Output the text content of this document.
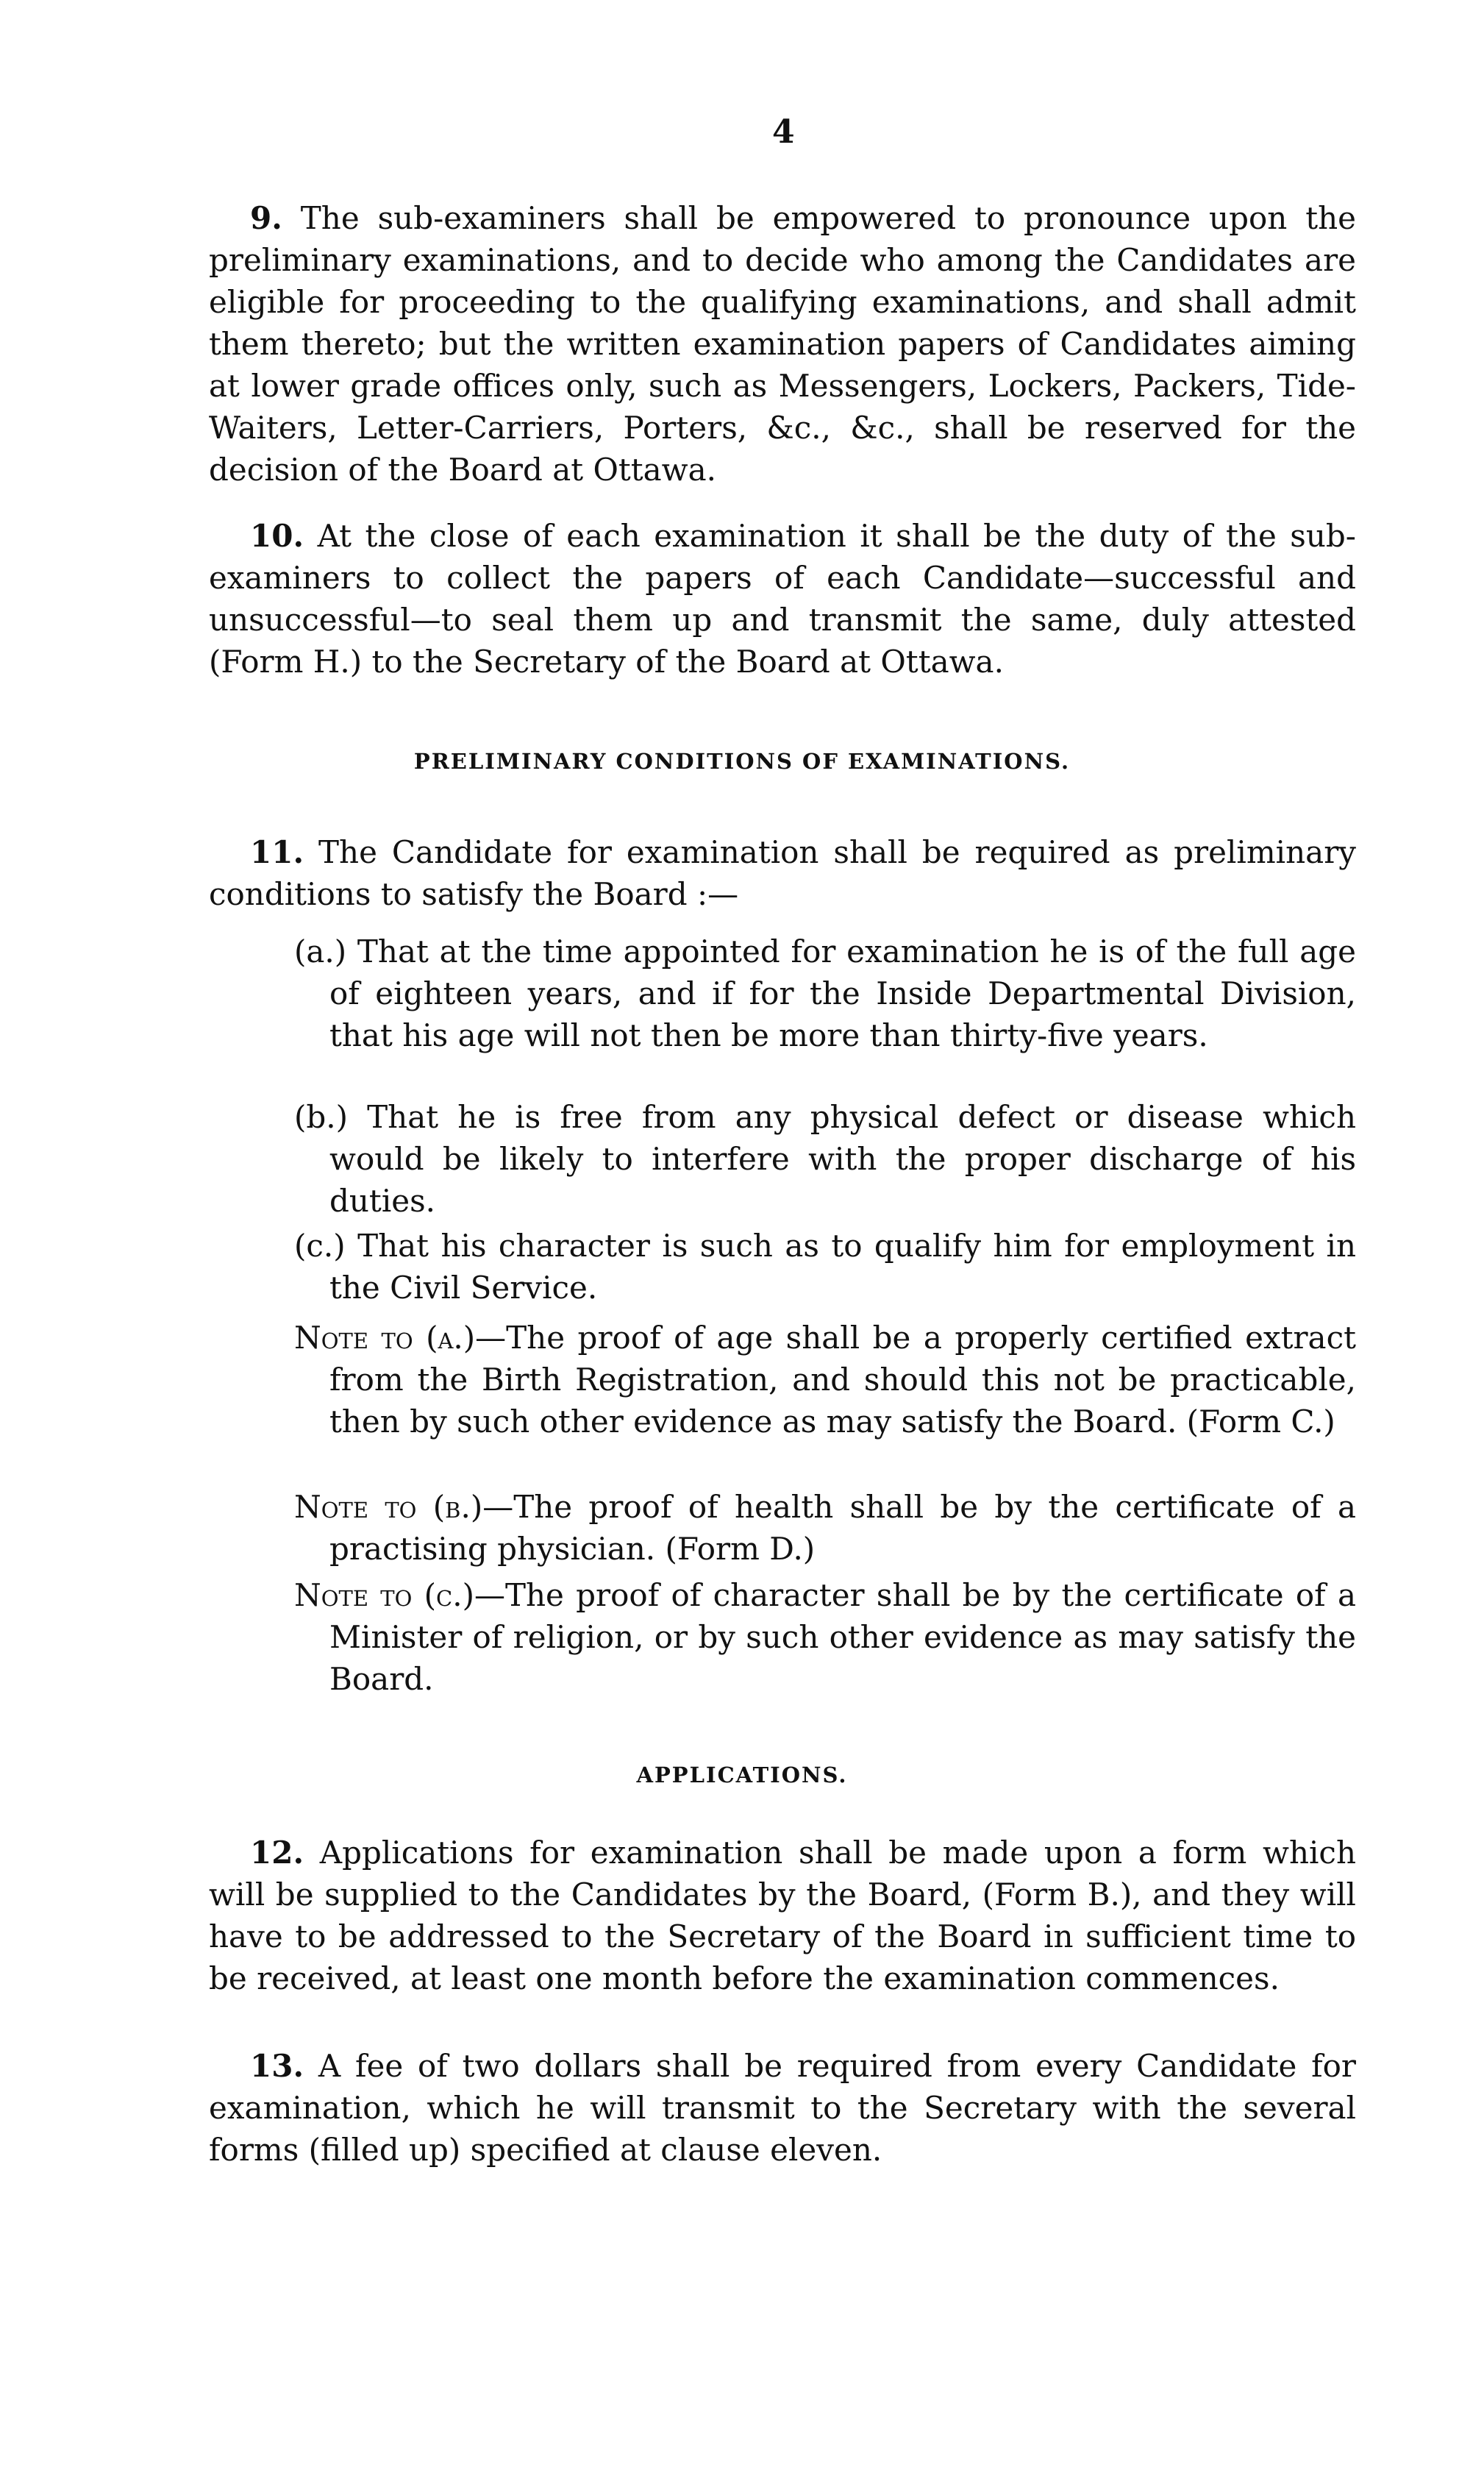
4
9. The sub-examiners shall be empowered to pronounce upon the preliminary examinations, and to decide who among the Candidates are eligible for proceeding to the qualifying examinations, and shall admit them thereto; but the written examination papers of Candidates aiming at lower grade offices only, such as Messengers, Lockers, Packers, Tide-Waiters, Letter-Carriers, Porters, &c., &c., shall be reserved for the decision of the Board at Ottawa.
10. At the close of each examination it shall be the duty of the sub-examiners to collect the papers of each Candidate—successful and unsuccessful—to seal them up and transmit the same, duly attested (Form H.) to the Secretary of the Board at Ottawa.
PRELIMINARY CONDITIONS OF EXAMINATIONS.
11. The Candidate for examination shall be required as preliminary conditions to satisfy the Board :—
(a.) That at the time appointed for examination he is of the full age of eighteen years, and if for the Inside Departmental Division, that his age will not then be more than thirty-five years.
(b.) That he is free from any physical defect or disease which would be likely to interfere with the proper discharge of his duties.
(c.) That his character is such as to qualify him for employment in the Civil Service.
Note to (a.)—The proof of age shall be a properly certified extract from the Birth Registration, and should this not be practicable, then by such other evidence as may satisfy the Board. (Form C.)
Note to (b.)—The proof of health shall be by the certificate of a practising physician. (Form D.)
Note to (c.)—The proof of character shall be by the certificate of a Minister of religion, or by such other evidence as may satisfy the Board.
APPLICATIONS.
12. Applications for examination shall be made upon a form which will be supplied to the Candidates by the Board, (Form B.), and they will have to be addressed to the Secretary of the Board in sufficient time to be received, at least one month before the examination commences.
13. A fee of two dollars shall be required from every Candidate for examination, which he will transmit to the Secretary with the several forms (filled up) specified at clause eleven.
